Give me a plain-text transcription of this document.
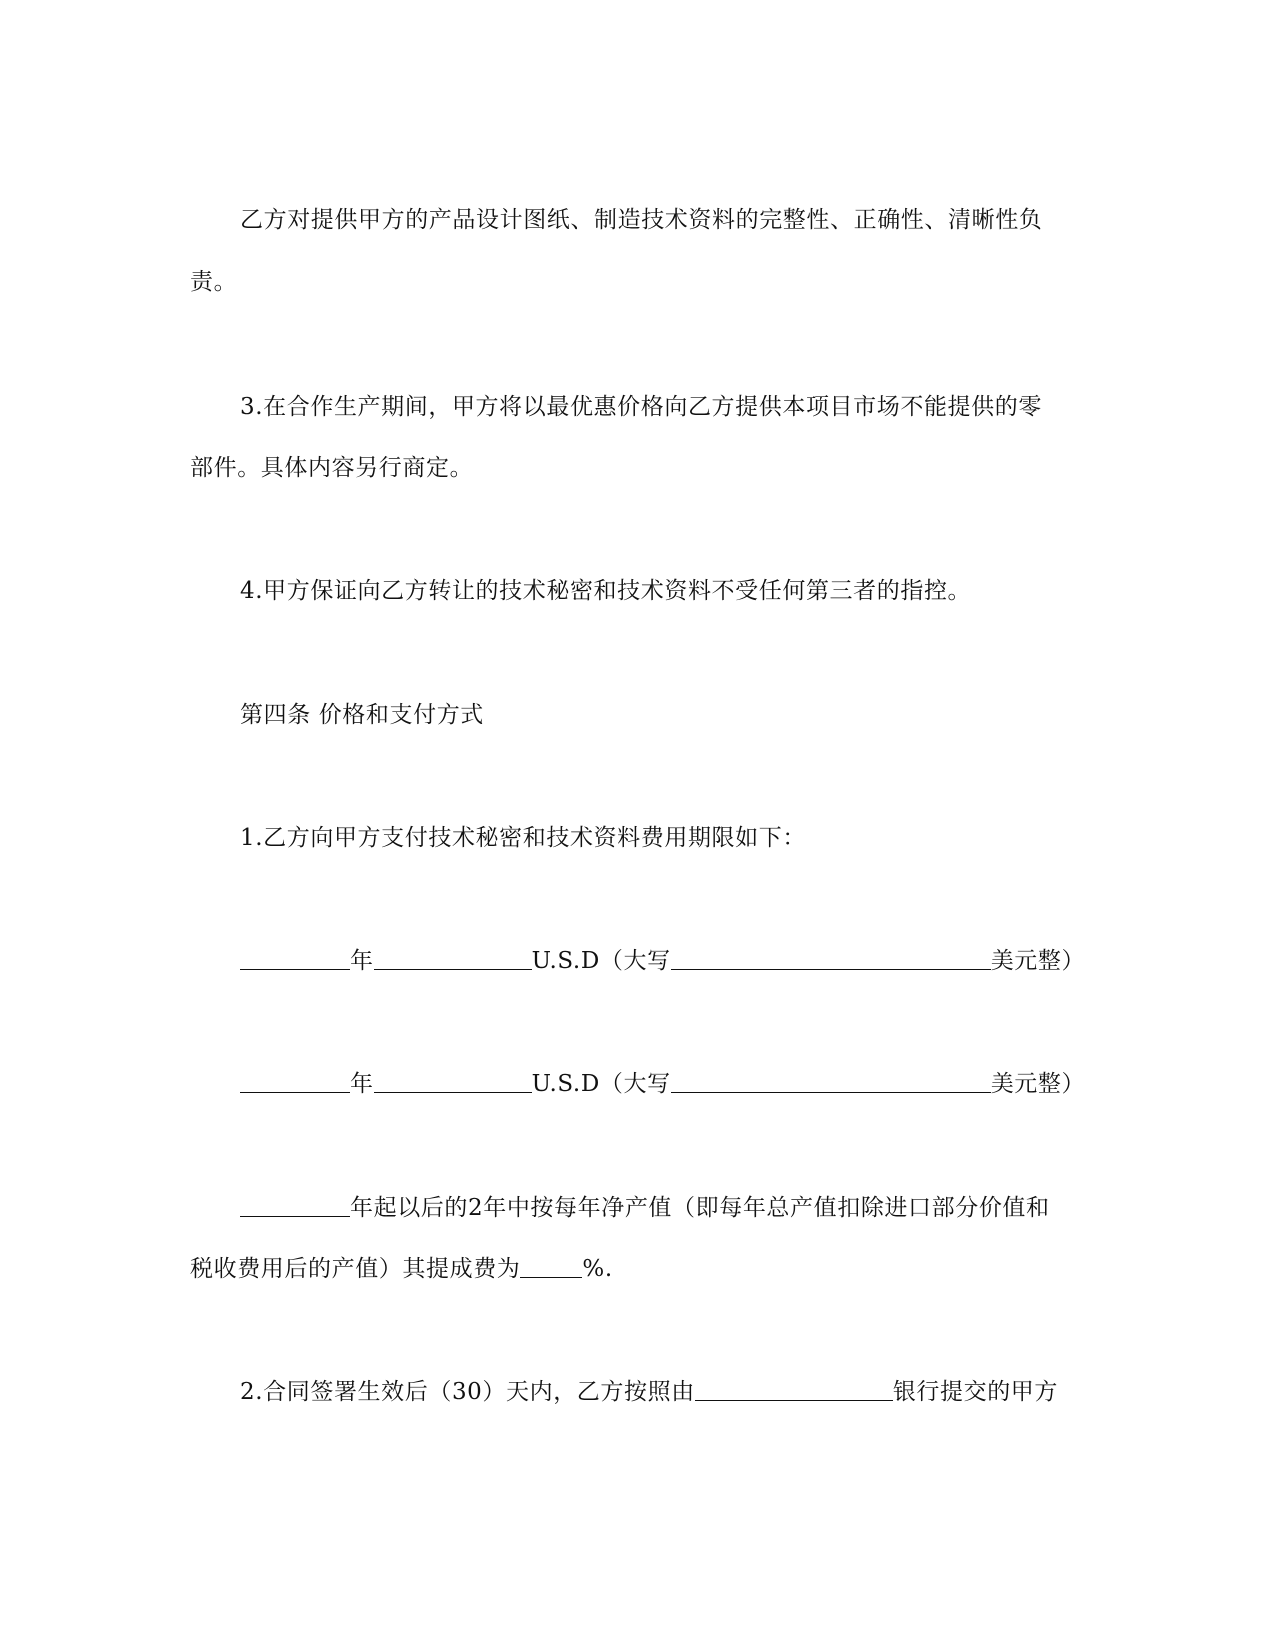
乙方对提供甲方的产品设计图纸、制造技术资料的完整性、正确性、清晰性负
责。
3.在合作生产期间，甲方将以最优惠价格向乙方提供本项目市场不能提供的零
部件。具体内容另行商定。
4.甲方保证向乙方转让的技术秘密和技术资料不受任何第三者的指控。
第四条 价格和支付方式
1.乙方向甲方支付技术秘密和技术资料费用期限如下：
年	U.S.D（大写	美元整）
年	U.S.D（大写	美元整）
年起以后的2年中按每年净产值（即每年总产值扣除进口部分价值和
税收费用后的产值）其提成费为	%.
2.合同签署生效后（30）天内，乙方按照由	银行提交的甲方
